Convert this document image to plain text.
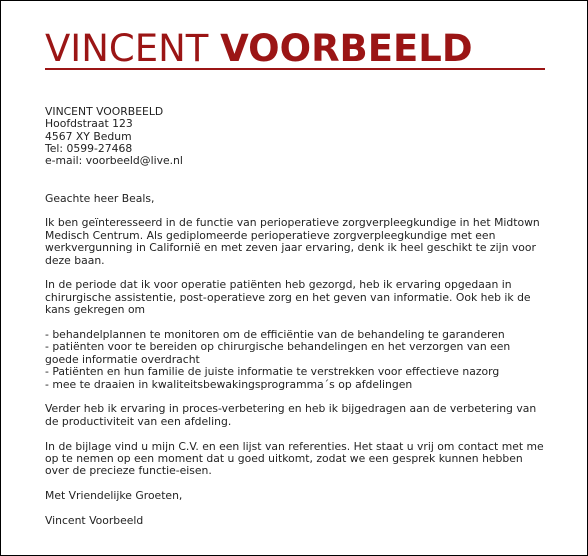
VINCENT VOORBEELD

VINCENT VOORBEELD
Hoofdstraat 123
4567 XY Bedum
Tel: 0599-27468
e-mail: voorbeeld@live.nl

Geachte heer Beals,

Ik ben geïnteresseerd in de functie van perioperatieve zorgverpleegkundige in het Midtown
Medisch Centrum. Als gediplomeerde perioperatieve zorgverpleegkundige met een
werkvergunning in Californië en met zeven jaar ervaring, denk ik heel geschikt te zijn voor
deze baan.

In de periode dat ik voor operatie patiënten heb gezorgd, heb ik ervaring opgedaan in
chirurgische assistentie, post-operatieve zorg en het geven van informatie. Ook heb ik de
kans gekregen om

- behandelplannen te monitoren om de efficiëntie van de behandeling te garanderen
- patiënten voor te bereiden op chirurgische behandelingen en het verzorgen van een
goede informatie overdracht
- Patiënten en hun familie de juiste informatie te verstrekken voor effectieve nazorg
- mee te draaien in kwaliteitsbewakingsprogramma´s op afdelingen

Verder heb ik ervaring in proces-verbetering en heb ik bijgedragen aan de verbetering van
de productiviteit van een afdeling.

In de bijlage vind u mijn C.V. en een lijst van referenties. Het staat u vrij om contact met me
op te nemen op een moment dat u goed uitkomt, zodat we een gesprek kunnen hebben
over de precieze functie-eisen.

Met Vriendelijke Groeten,

Vincent Voorbeeld
